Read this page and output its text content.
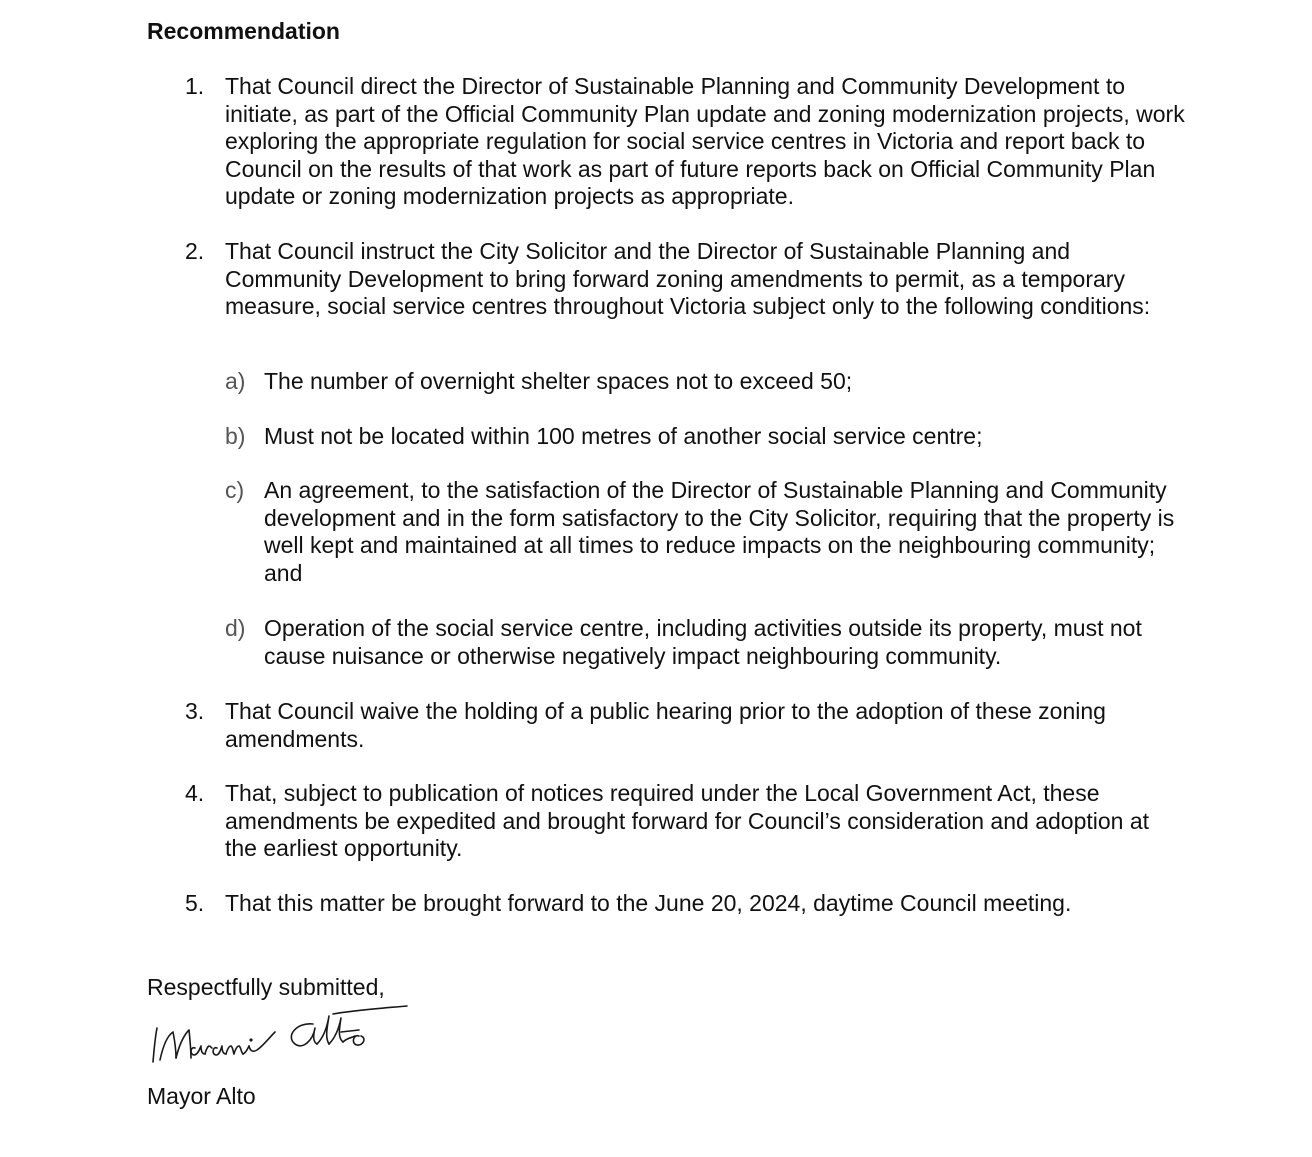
Recommendation
1. That Council direct the Director of Sustainable Planning and Community Development to initiate, as part of the Official Community Plan update and zoning modernization projects, work exploring the appropriate regulation for social service centres in Victoria and report back to Council on the results of that work as part of future reports back on Official Community Plan update or zoning modernization projects as appropriate.
2. That Council instruct the City Solicitor and the Director of Sustainable Planning and Community Development to bring forward zoning amendments to permit, as a temporary measure, social service centres throughout Victoria subject only to the following conditions:
a) The number of overnight shelter spaces not to exceed 50;
b) Must not be located within 100 metres of another social service centre;
c) An agreement, to the satisfaction of the Director of Sustainable Planning and Community development and in the form satisfactory to the City Solicitor, requiring that the property is well kept and maintained at all times to reduce impacts on the neighbouring community; and
d) Operation of the social service centre, including activities outside its property, must not cause nuisance or otherwise negatively impact neighbouring community.
3. That Council waive the holding of a public hearing prior to the adoption of these zoning amendments.
4. That, subject to publication of notices required under the Local Government Act, these amendments be expedited and brought forward for Council’s consideration and adoption at the earliest opportunity.
5. That this matter be brought forward to the June 20, 2024, daytime Council meeting.
Respectfully submitted,
Mayor Alto
